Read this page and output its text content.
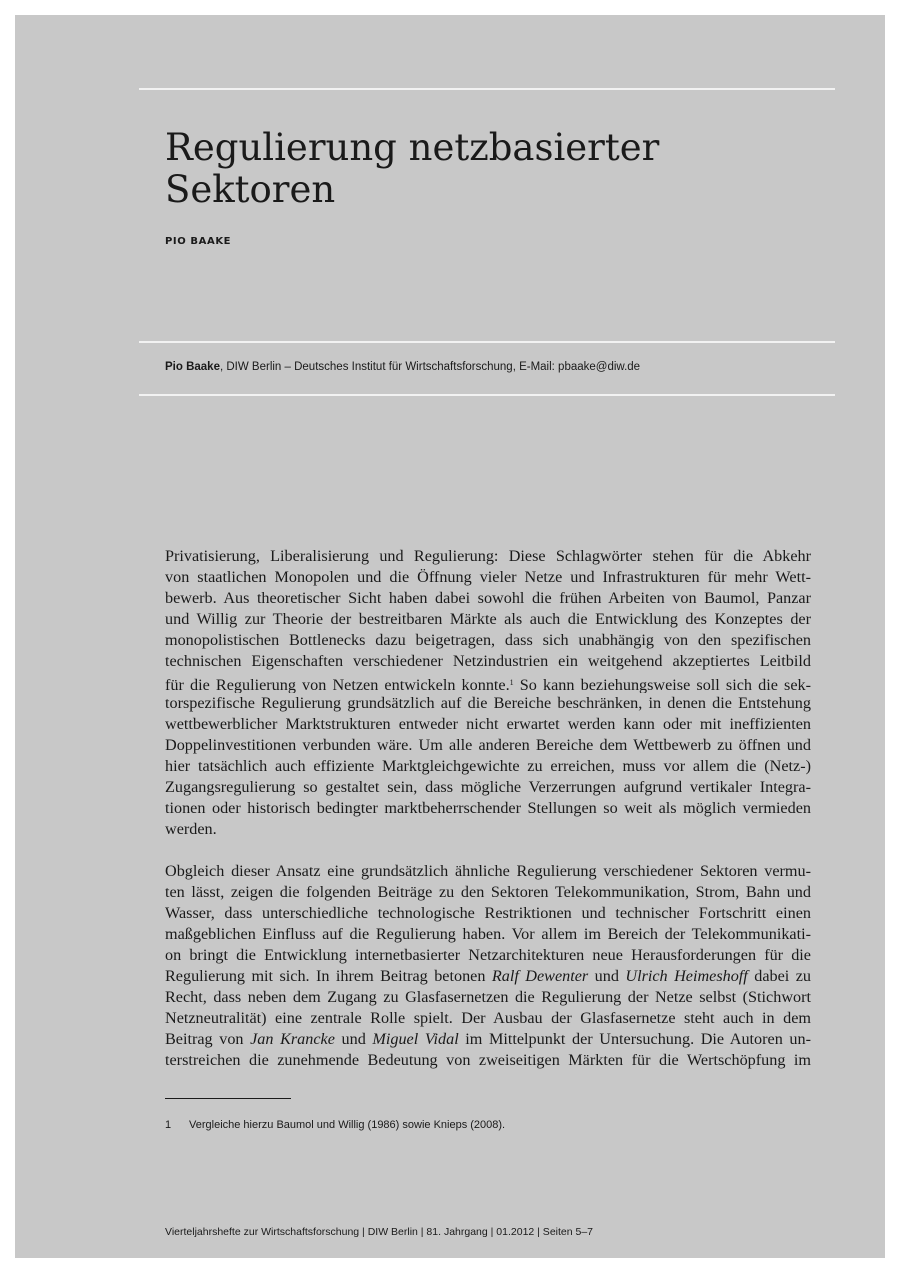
Regulierung netzbasierter
Sektoren
PIO BAAKE
Pio Baake, DIW Berlin – Deutsches Institut für Wirtschaftsforschung, E-Mail: pbaake@diw.de
Privatisierung, Liberalisierung und Regulierung: Diese Schlagwörter stehen für die Abkehr
von staatlichen Monopolen und die Öffnung vieler Netze und Infrastrukturen für mehr Wett-
bewerb. Aus theoretischer Sicht haben dabei sowohl die frühen Arbeiten von Baumol, Panzar
und Willig zur Theorie der bestreitbaren Märkte als auch die Entwicklung des Konzeptes der
monopolistischen Bottlenecks dazu beigetragen, dass sich unabhängig von den spezifischen
technischen Eigenschaften verschiedener Netzindustrien ein weitgehend akzeptiertes Leitbild
für die Regulierung von Netzen entwickeln konnte.$^1$ So kann beziehungsweise soll sich die sek-
torspezifische Regulierung grundsätzlich auf die Bereiche beschränken, in denen die Entstehung
wettbewerblicher Marktstrukturen entweder nicht erwartet werden kann oder mit ineffizienten
Doppelinvestitionen verbunden wäre. Um alle anderen Bereiche dem Wettbewerb zu öffnen und
hier tatsächlich auch effiziente Marktgleichgewichte zu erreichen, muss vor allem die (Netz-)
Zugangsregulierung so gestaltet sein, dass mögliche Verzerrungen aufgrund vertikaler Integra-
tionen oder historisch bedingter marktbeherrschender Stellungen so weit als möglich vermieden
werden.
Obgleich dieser Ansatz eine grundsätzlich ähnliche Regulierung verschiedener Sektoren vermu-
ten lässt, zeigen die folgenden Beiträge zu den Sektoren Telekommunikation, Strom, Bahn und
Wasser, dass unterschiedliche technologische Restriktionen und technischer Fortschritt einen
maßgeblichen Einfluss auf die Regulierung haben. Vor allem im Bereich der Telekommunikati-
on bringt die Entwicklung internetbasierter Netzarchitekturen neue Herausforderungen für die
Regulierung mit sich. In ihrem Beitrag betonen Ralf Dewenter und Ulrich Heimeshoff dabei zu
Recht, dass neben dem Zugang zu Glasfasernetzen die Regulierung der Netze selbst (Stichwort
Netzneutralität) eine zentrale Rolle spielt. Der Ausbau der Glasfasernetze steht auch in dem
Beitrag von Jan Krancke und Miguel Vidal im Mittelpunkt der Untersuchung. Die Autoren un-
terstreichen die zunehmende Bedeutung von zweiseitigen Märkten für die Wertschöpfung im
1 Vergleiche hierzu Baumol und Willig (1986) sowie Knieps (2008).
Vierteljahrshefte zur Wirtschaftsforschung | DIW Berlin | 81. Jahrgang | 01.2012 | Seiten 5–7
